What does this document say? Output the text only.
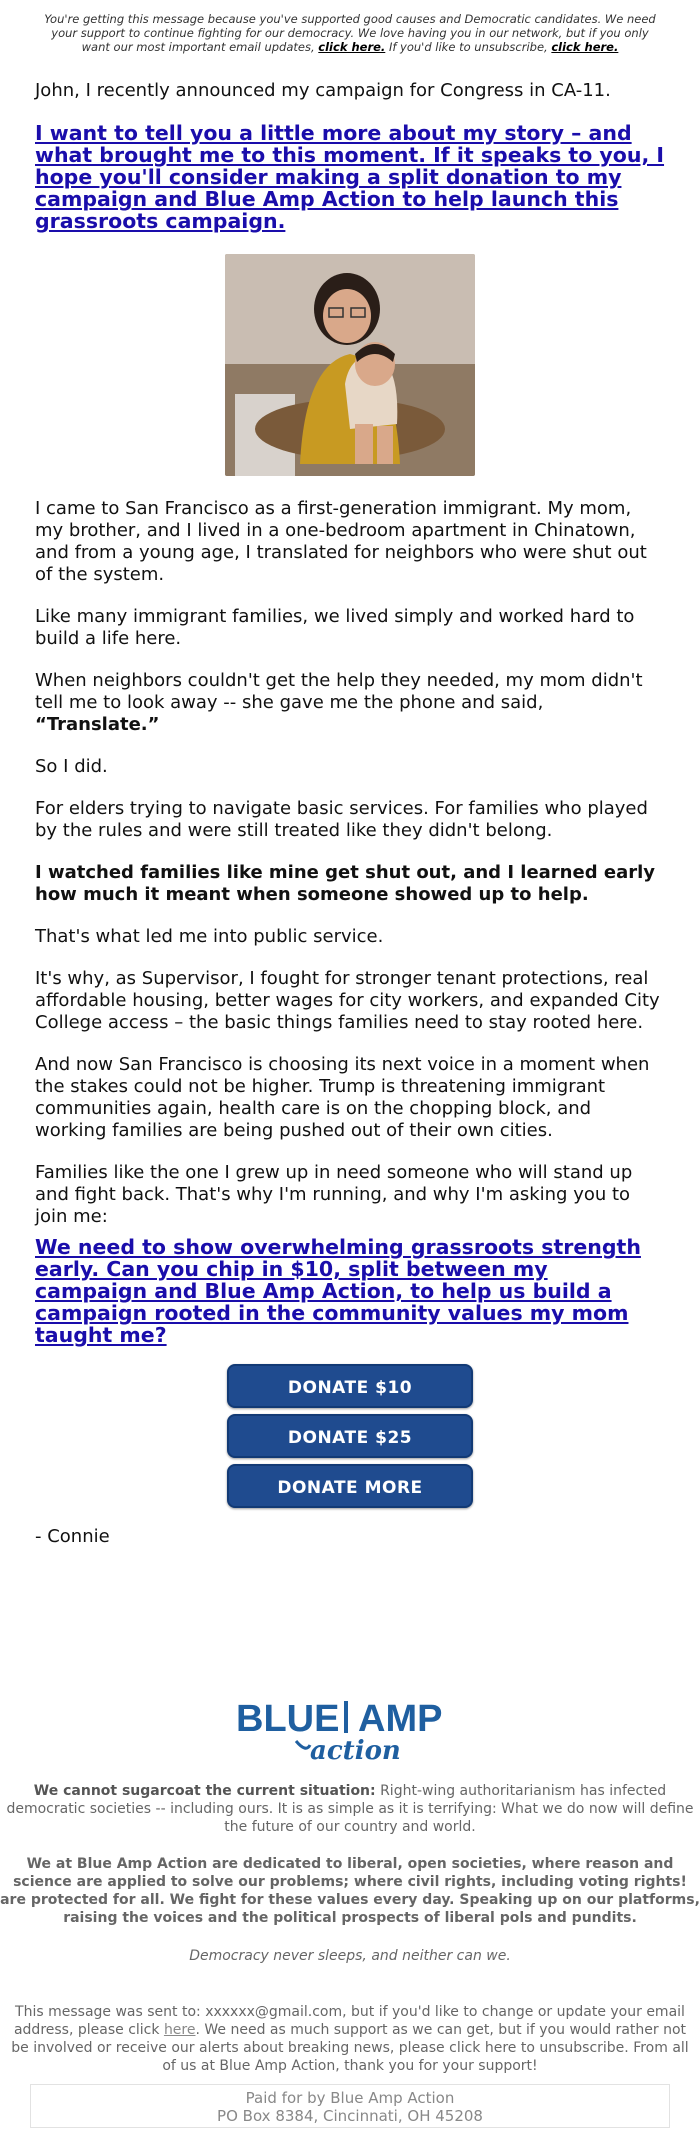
You're getting this message because you've supported good causes and Democratic candidates. We need your support to continue fighting for our democracy. We love having you in our network, but if you only want our most important email updates, click here. If you'd like to unsubscribe, click here.

John, I recently announced my campaign for Congress in CA-11.

I want to tell you a little more about my story – and what brought me to this moment. If it speaks to you, I hope you'll consider making a split donation to my campaign and Blue Amp Action to help launch this grassroots campaign.

I came to San Francisco as a first-generation immigrant. My mom, my brother, and I lived in a one-bedroom apartment in Chinatown, and from a young age, I translated for neighbors who were shut out of the system.

Like many immigrant families, we lived simply and worked hard to build a life here.

When neighbors couldn't get the help they needed, my mom didn't tell me to look away -- she gave me the phone and said,
“Translate.”

So I did.

For elders trying to navigate basic services. For families who played by the rules and were still treated like they didn't belong.

I watched families like mine get shut out, and I learned early how much it meant when someone showed up to help.

That's what led me into public service.

It's why, as Supervisor, I fought for stronger tenant protections, real affordable housing, better wages for city workers, and expanded City College access – the basic things families need to stay rooted here.

And now San Francisco is choosing its next voice in a moment when the stakes could not be higher. Trump is threatening immigrant communities again, health care is on the chopping block, and working families are being pushed out of their own cities.

Families like the one I grew up in need someone who will stand up and fight back. That's why I'm running, and why I'm asking you to join me:

We need to show overwhelming grassroots strength early. Can you chip in $10, split between my campaign and Blue Amp Action, to help us build a campaign rooted in the community values my mom taught me?
DONATE $10
DONATE $25
DONATE MORE
- Connie
BLUE AMP
action
We cannot sugarcoat the current situation: Right-wing authoritarianism has infected democratic societies -- including ours. It is as simple as it is terrifying: What we do now will define the future of our country and world.
We at Blue Amp Action are dedicated to liberal, open societies, where reason and science are applied to solve our problems; where civil rights, including voting rights! are protected for all. We fight for these values every day. Speaking up on our platforms, raising the voices and the political prospects of liberal pols and pundits.
Democracy never sleeps, and neither can we.
This message was sent to: xxxxxx@gmail.com, but if you'd like to change or update your email address, please click here. We need as much support as we can get, but if you would rather not be involved or receive our alerts about breaking news, please click here to unsubscribe. From all of us at Blue Amp Action, thank you for your support!
Paid for by Blue Amp Action
PO Box 8384, Cincinnati, OH 45208
